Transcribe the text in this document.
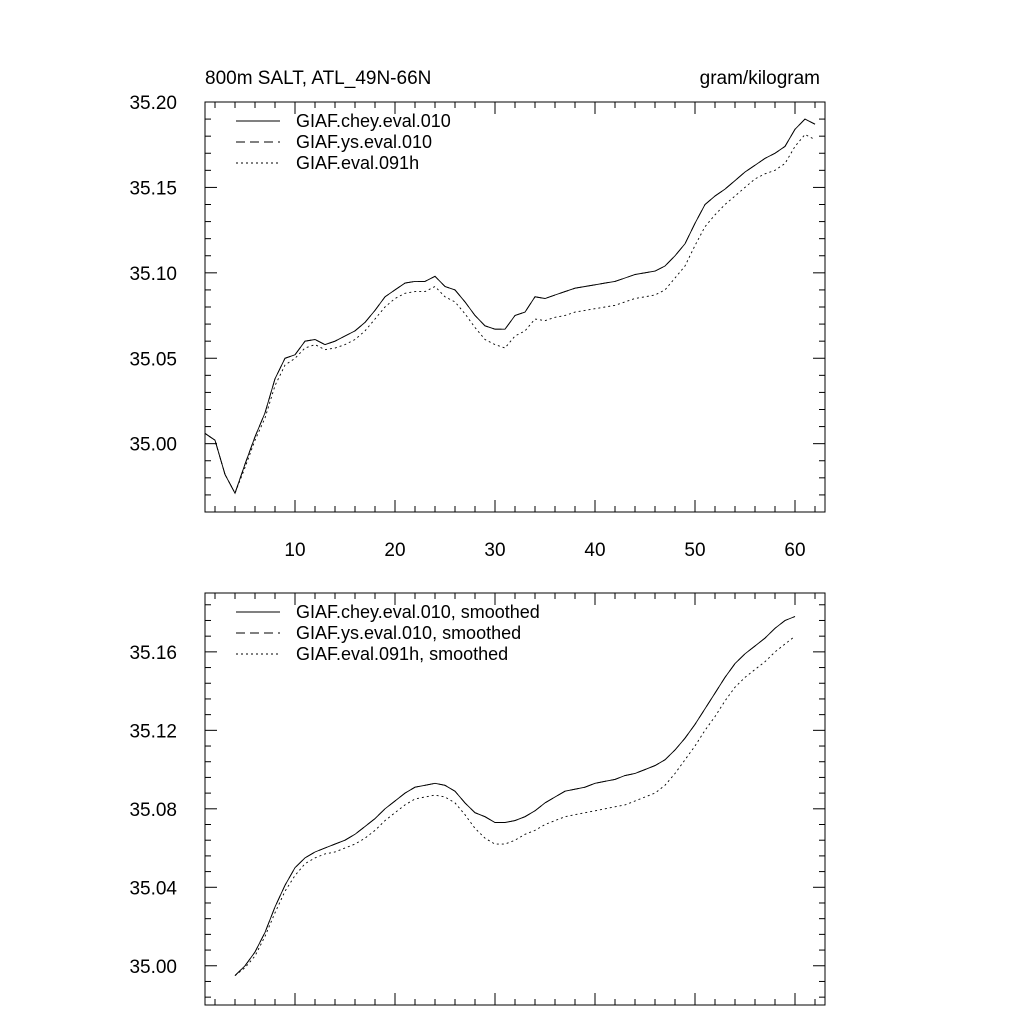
800m SALT, ATL_49N-66N	gram/kilogram
10	20	30	40	50	60
35.00
35.05
35.10
35.15
35.20
GIAF.chey.eval.010
GIAF.ys.eval.010
GIAF.eval.091h
35.00
35.04
35.08
35.12
35.16
GIAF.chey.eval.010, smoothed
GIAF.ys.eval.010, smoothed
GIAF.eval.091h, smoothed
